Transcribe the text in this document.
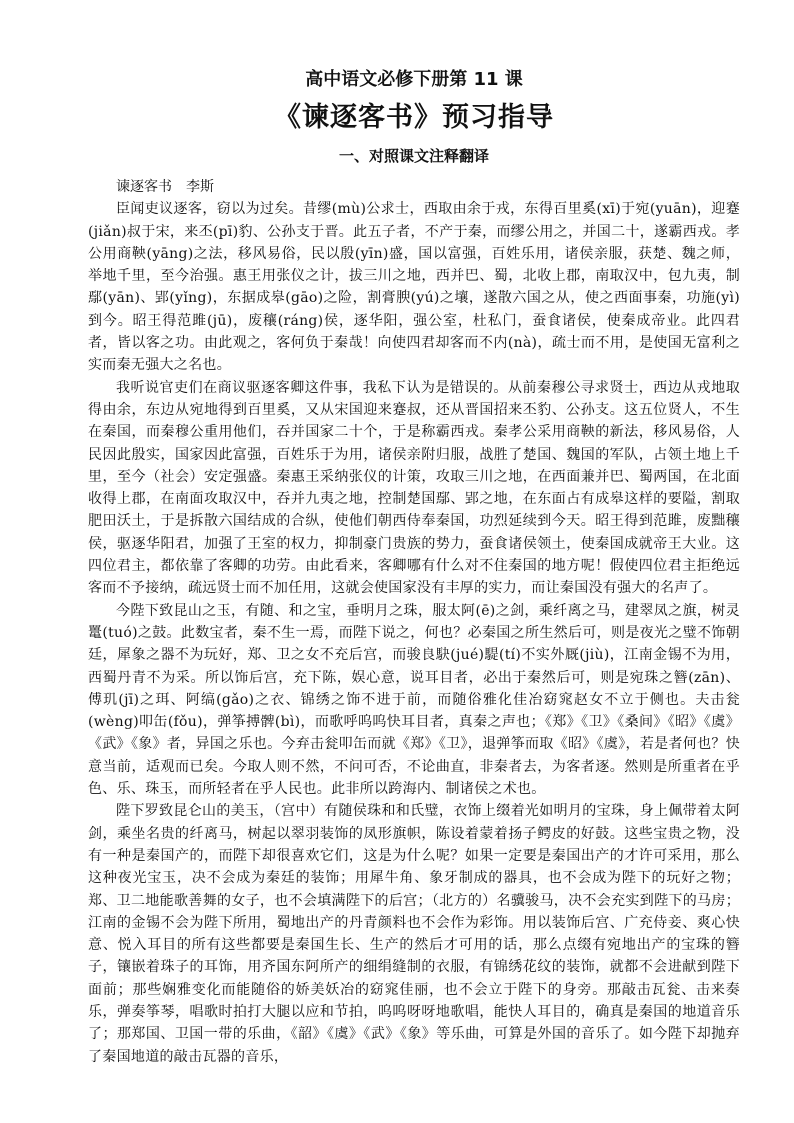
高中语文必修下册第 11 课
《谏逐客书》预习指导
一、对照课文注释翻译

谏逐客书　李斯

臣闻吏议逐客，窃以为过矣。昔缪(mù)公求士，西取由余于戎，东得百里奚(xī)于宛(yuān)，迎蹇(jiǎn)叔于宋，来丕(pī)豹、公孙支于晋。此五子者，不产于秦，而缪公用之，并国二十，遂霸西戎。孝公用商鞅(yāng)之法，移风易俗，民以殷(yīn)盛，国以富强，百姓乐用，诸侯亲服，获楚、魏之师，举地千里，至今治强。惠王用张仪之计，拔三川之地，西并巴、蜀，北收上郡，南取汉中，包九夷，制鄢(yān)、郢(yǐng)，东据成皋(gāo)之险，割膏腴(yú)之壤，遂散六国之从，使之西面事秦，功施(yì)到今。昭王得范雎(jū)，废穰(ráng)侯，逐华阳，强公室，杜私门，蚕食诸侯，使秦成帝业。此四君者，皆以客之功。由此观之，客何负于秦哉！向使四君却客而不内(nà)，疏士而不用，是使国无富利之实而秦无强大之名也。

我听说官吏们在商议驱逐客卿这件事，我私下认为是错误的。从前秦穆公寻求贤士，西边从戎地取得由余，东边从宛地得到百里奚，又从宋国迎来蹇叔，还从晋国招来丕豹、公孙支。这五位贤人，不生在秦国，而秦穆公重用他们，吞并国家二十个，于是称霸西戎。秦孝公采用商鞅的新法，移风易俗，人民因此殷实，国家因此富强，百姓乐于为用，诸侯亲附归服，战胜了楚国、魏国的军队，占领土地上千里，至今（社会）安定强盛。秦惠王采纳张仪的计策，攻取三川之地，在西面兼并巴、蜀两国，在北面收得上郡，在南面攻取汉中，吞并九夷之地，控制楚国鄢、郢之地，在东面占有成皋这样的要隘，割取肥田沃土，于是拆散六国结成的合纵，使他们朝西侍奉秦国，功烈延续到今天。昭王得到范雎，废黜穰侯，驱逐华阳君，加强了王室的权力，抑制豪门贵族的势力，蚕食诸侯领土，使秦国成就帝王大业。这四位君主，都依靠了客卿的功劳。由此看来，客卿哪有什么对不住秦国的地方呢！假使四位君主拒绝远客而不予接纳，疏远贤士而不加任用，这就会使国家没有丰厚的实力，而让秦国没有强大的名声了。

今陛下致昆山之玉，有随、和之宝，垂明月之珠，服太阿(ē)之剑，乘纤离之马，建翠凤之旗，树灵鼍(tuó)之鼓。此数宝者，秦不生一焉，而陛下说之，何也？必秦国之所生然后可，则是夜光之璧不饰朝廷，犀象之器不为玩好，郑、卫之女不充后宫，而骏良駃(jué)騠(tí)不实外厩(jiù)，江南金锡不为用，西蜀丹青不为采。所以饰后宫，充下陈，娱心意，说耳目者，必出于秦然后可，则是宛珠之簪(zān)、傅玑(jī)之珥、阿缟(gǎo)之衣、锦绣之饰不进于前，而随俗雅化佳冶窈窕赵女不立于侧也。夫击瓮(wèng)叩缶(fǒu)，弹筝搏髀(bì)，而歌呼呜呜快耳目者，真秦之声也；《郑》《卫》《桑间》《昭》《虞》《武》《象》者，异国之乐也。今弃击瓮叩缶而就《郑》《卫》，退弹筝而取《昭》《虞》，若是者何也？快意当前，适观而已矣。今取人则不然，不问可否，不论曲直，非秦者去，为客者逐。然则是所重者在乎色、乐、珠玉，而所轻者在乎人民也。此非所以跨海内、制诸侯之术也。

陛下罗致昆仑山的美玉，（宫中）有随侯珠和和氏璧，衣饰上缀着光如明月的宝珠，身上佩带着太阿剑，乘坐名贵的纤离马，树起以翠羽装饰的凤形旗帜，陈设着蒙着扬子鳄皮的好鼓。这些宝贵之物，没有一种是秦国产的，而陛下却很喜欢它们，这是为什么呢？如果一定要是秦国出产的才许可采用，那么这种夜光宝玉，决不会成为秦廷的装饰；用犀牛角、象牙制成的器具，也不会成为陛下的玩好之物；郑、卫二地能歌善舞的女子，也不会填满陛下的后宫；（北方的）名骥骏马，决不会充实到陛下的马房；江南的金锡不会为陛下所用，蜀地出产的丹青颜料也不会作为彩饰。用以装饰后宫、广充侍妾、爽心快意、悦入耳目的所有这些都要是秦国生长、生产的然后才可用的话，那么点缀有宛地出产的宝珠的簪子，镶嵌着珠子的耳饰，用齐国东阿所产的细绢缝制的衣服，有锦绣花纹的装饰，就都不会进献到陛下面前；那些娴雅变化而能随俗的娇美妖冶的窈窕佳丽，也不会立于陛下的身旁。那敲击瓦瓮、击来奏乐，弹奏筝琴，唱歌时拍打大腿以应和节拍，呜呜呀呀地歌唱，能快人耳目的，确真是秦国的地道音乐了；那郑国、卫国一带的乐曲，《韶》《虞》《武》《象》等乐曲，可算是外国的音乐了。如今陛下却抛弃了秦国地道的敲击瓦器的音乐，
